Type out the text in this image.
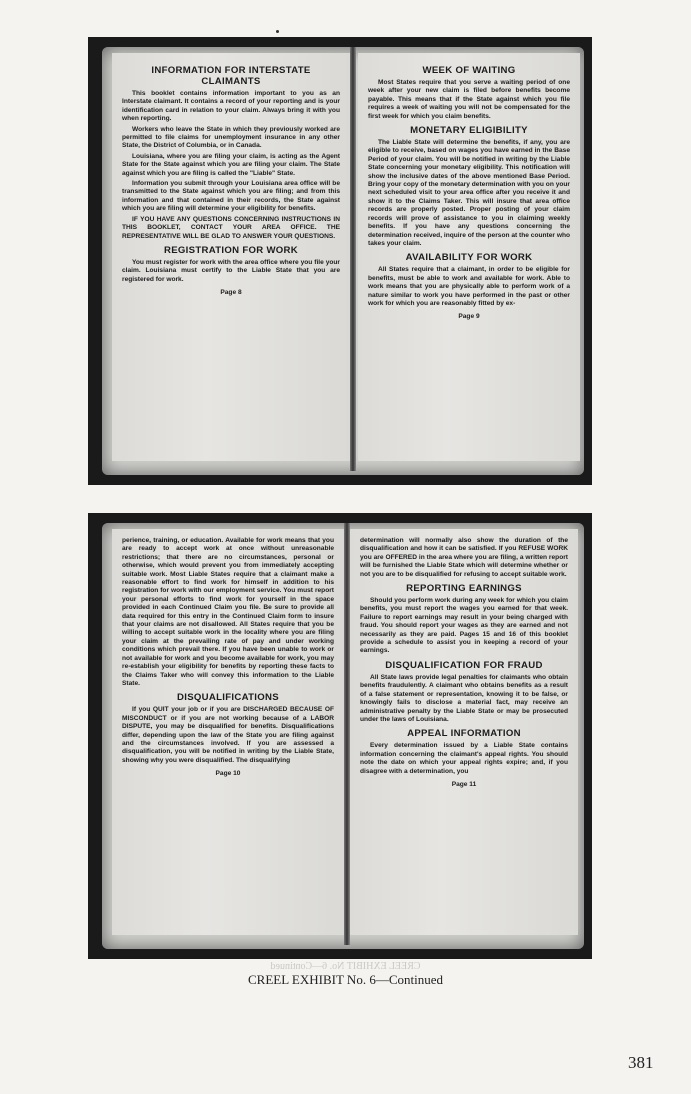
INFORMATION FOR INTERSTATE CLAIMANTS
This booklet contains information important to you as an Interstate claimant. It contains a record of your reporting and is your identification card in relation to your claim. Always bring it with you when reporting.
Workers who leave the State in which they previously worked are permitted to file claims for unemployment insurance in any other State, the District of Columbia, or in Canada.
Louisiana, where you are filing your claim, is acting as the Agent State for the State against which you are filing your claim. The State against which you are filing is called the "Liable" State.
Information you submit through your Louisiana area office will be transmitted to the State against which you are filing; and from this information and that contained in their records, the State against which you are filing will determine your eligibility for benefits.
IF YOU HAVE ANY QUESTIONS CONCERNING INSTRUCTIONS IN THIS BOOKLET, CONTACT YOUR AREA OFFICE. THE REPRESENTATIVE WILL BE GLAD TO ANSWER YOUR QUESTIONS.
REGISTRATION FOR WORK
You must register for work with the area office where you file your claim. Louisiana must certify to the Liable State that you are registered for work.
Page 8
WEEK OF WAITING
Most States require that you serve a waiting period of one week after your new claim is filed before benefits become payable. This means that if the State against which you file requires a week of waiting you will not be compensated for the first week for which you claim benefits.
MONETARY ELIGIBILITY
The Liable State will determine the benefits, if any, you are eligible to receive, based on wages you have earned in the Base Period of your claim. You will be notified in writing by the Liable State concerning your monetary eligibility. This notification will show the inclusive dates of the above mentioned Base Period. Bring your copy of the monetary determination with you on your next scheduled visit to your area office after you receive it and show it to the Claims Taker. This will insure that area office records are properly posted. Proper posting of your claim records will prove of assistance to you in claiming weekly benefits. If you have any questions concerning the determination received, inquire of the person at the counter who takes your claim.
AVAILABILITY FOR WORK
All States require that a claimant, in order to be eligible for benefits, must be able to work and available for work. Able to work means that you are physically able to perform work of a nature similar to work you have performed in the past or other work for which you are reasonably fitted by ex-
Page 9
perience, training, or education. Available for work means that you are ready to accept work at once without unreasonable restrictions; that there are no circumstances, personal or otherwise, which would prevent you from immediately accepting suitable work. Most Liable States require that a claimant make a reasonable effort to find work for himself in addition to his registration for work with our employment service. You must report your personal efforts to find work for yourself in the space provided in each Continued Claim you file. Be sure to provide all data required for this entry in the Continued Claim form to insure that your claims are not disallowed. All States require that you be willing to accept suitable work in the locality where you are filing your claim at the prevailing rate of pay and under working conditions which prevail there. If you have been unable to work or not available for work and you become available for work, you may re-establish your eligibility for benefits by reporting these facts to the Claims Taker who will convey this information to the Liable State.
DISQUALIFICATIONS
If you QUIT your job or if you are DISCHARGED BECAUSE OF MISCONDUCT or if you are not working because of a LABOR DISPUTE, you may be disqualified for benefits. Disqualifications differ, depending upon the law of the State you are filing against and the circumstances involved. If you are assessed a disqualification, you will be notified in writing by the Liable State, showing why you were disqualified. The disqualifying
Page 10
determination will normally also show the duration of the disqualification and how it can be satisfied. If you REFUSE WORK you are OFFERED in the area where you are filing, a written report will be furnished the Liable State which will determine whether or not you are to be disqualified for refusing to accept suitable work.
REPORTING EARNINGS
Should you perform work during any week for which you claim benefits, you must report the wages you earned for that week. Failure to report earnings may result in your being charged with fraud. You should report your wages as they are earned and not necessarily as they are paid. Pages 15 and 16 of this booklet provide a schedule to assist you in keeping a record of your earnings.
DISQUALIFICATION FOR FRAUD
All State laws provide legal penalties for claimants who obtain benefits fraudulently. A claimant who obtains benefits as a result of a false statement or representation, knowing it to be false, or knowingly fails to disclose a material fact, may receive an administrative penalty by the Liable State or may be prosecuted under the laws of Louisiana.
APPEAL INFORMATION
Every determination issued by a Liable State contains information concerning the claimant's appeal rights. You should note the date on which your appeal rights expire; and, if you disagree with a determination, you
Page 11
CREEL EXHIBIT No. 6—Continued
CREEL EXHIBIT No. 6—Continued
381
